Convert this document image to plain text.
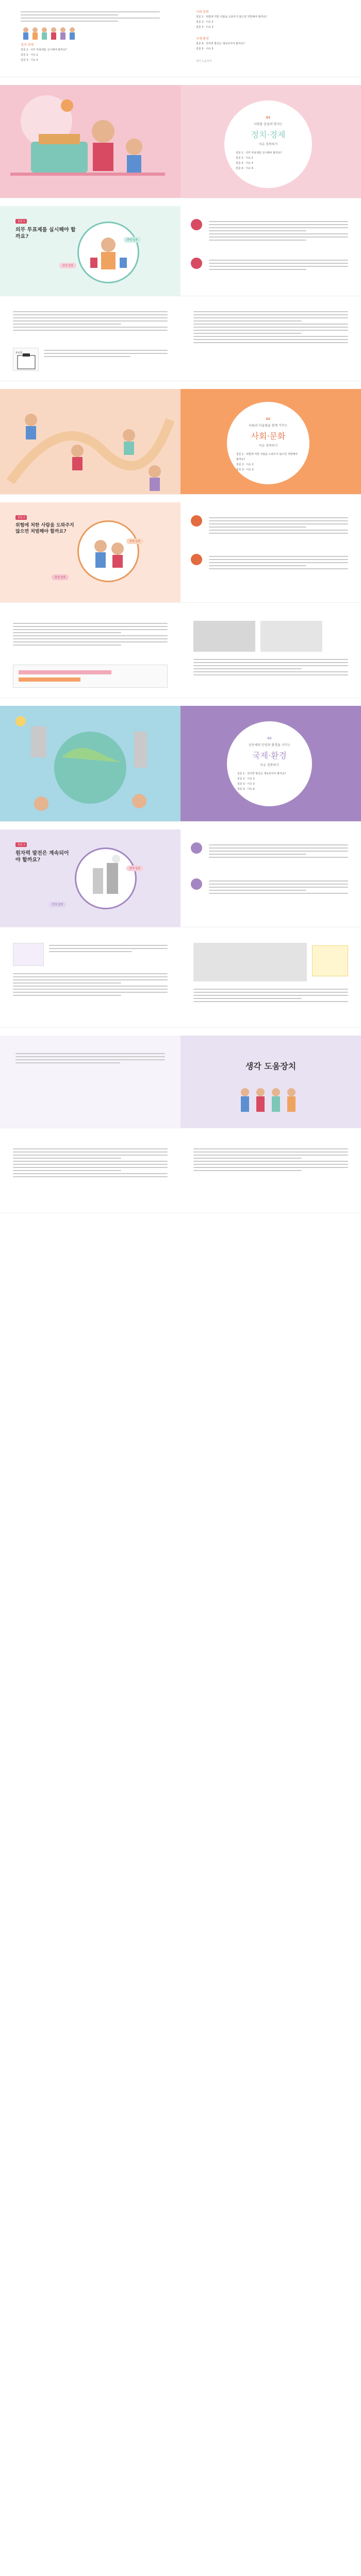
정치·경제
질문 1 · 의무 투표제를 실시해야 할까요?
질문 2 · 이슈 2
질문 3 · 이슈 3
사회·문화
질문 1 · 위험에 처한 사람을 도와주지 않으면 처벌해야 할까요?
질문 2 · 이슈 2
질문 3 · 이슈 3
국제·환경
질문 4 · 원자력 발전은 계속되어야 할까요?
질문 5 · 이슈 5
생각 도움장치
01
사회를 흔들며 맞서는
정치·경제
이슈 정복하기
질문 1 · 의무 투표제를 실시해야 할까요?
질문 2 · 이슈 2
질문 3 · 이슈 3
질문 4 · 이슈 4
질문 1
의무 투표제를 실시해야 할까요?
찬성 입장
반대 입장
투표함
02
다름과 어울림을 함께 가꾸는
사회·문화
이슈 정복하기
질문 1 · 위험에 처한 사람을 도와주지 않으면 처벌해야 할까요?
질문 2 · 이슈 2
질문 3 · 이슈 3
질문 2
위험에 처한 사람을 도와주지 않으면 처벌해야 할까요?
찬성 입장
반대 입장
03
공동체의 안녕과 환경을 지키는
국제·환경
이슈 정복하기
질문 1 · 원자력 발전은 계속되어야 할까요?
질문 2 · 이슈 2
질문 3 · 이슈 3
질문 4 · 이슈 4
질문 3
원자력 발전은 계속되어야 할까요?
찬성 입장
반대 입장
생각 도움장치
